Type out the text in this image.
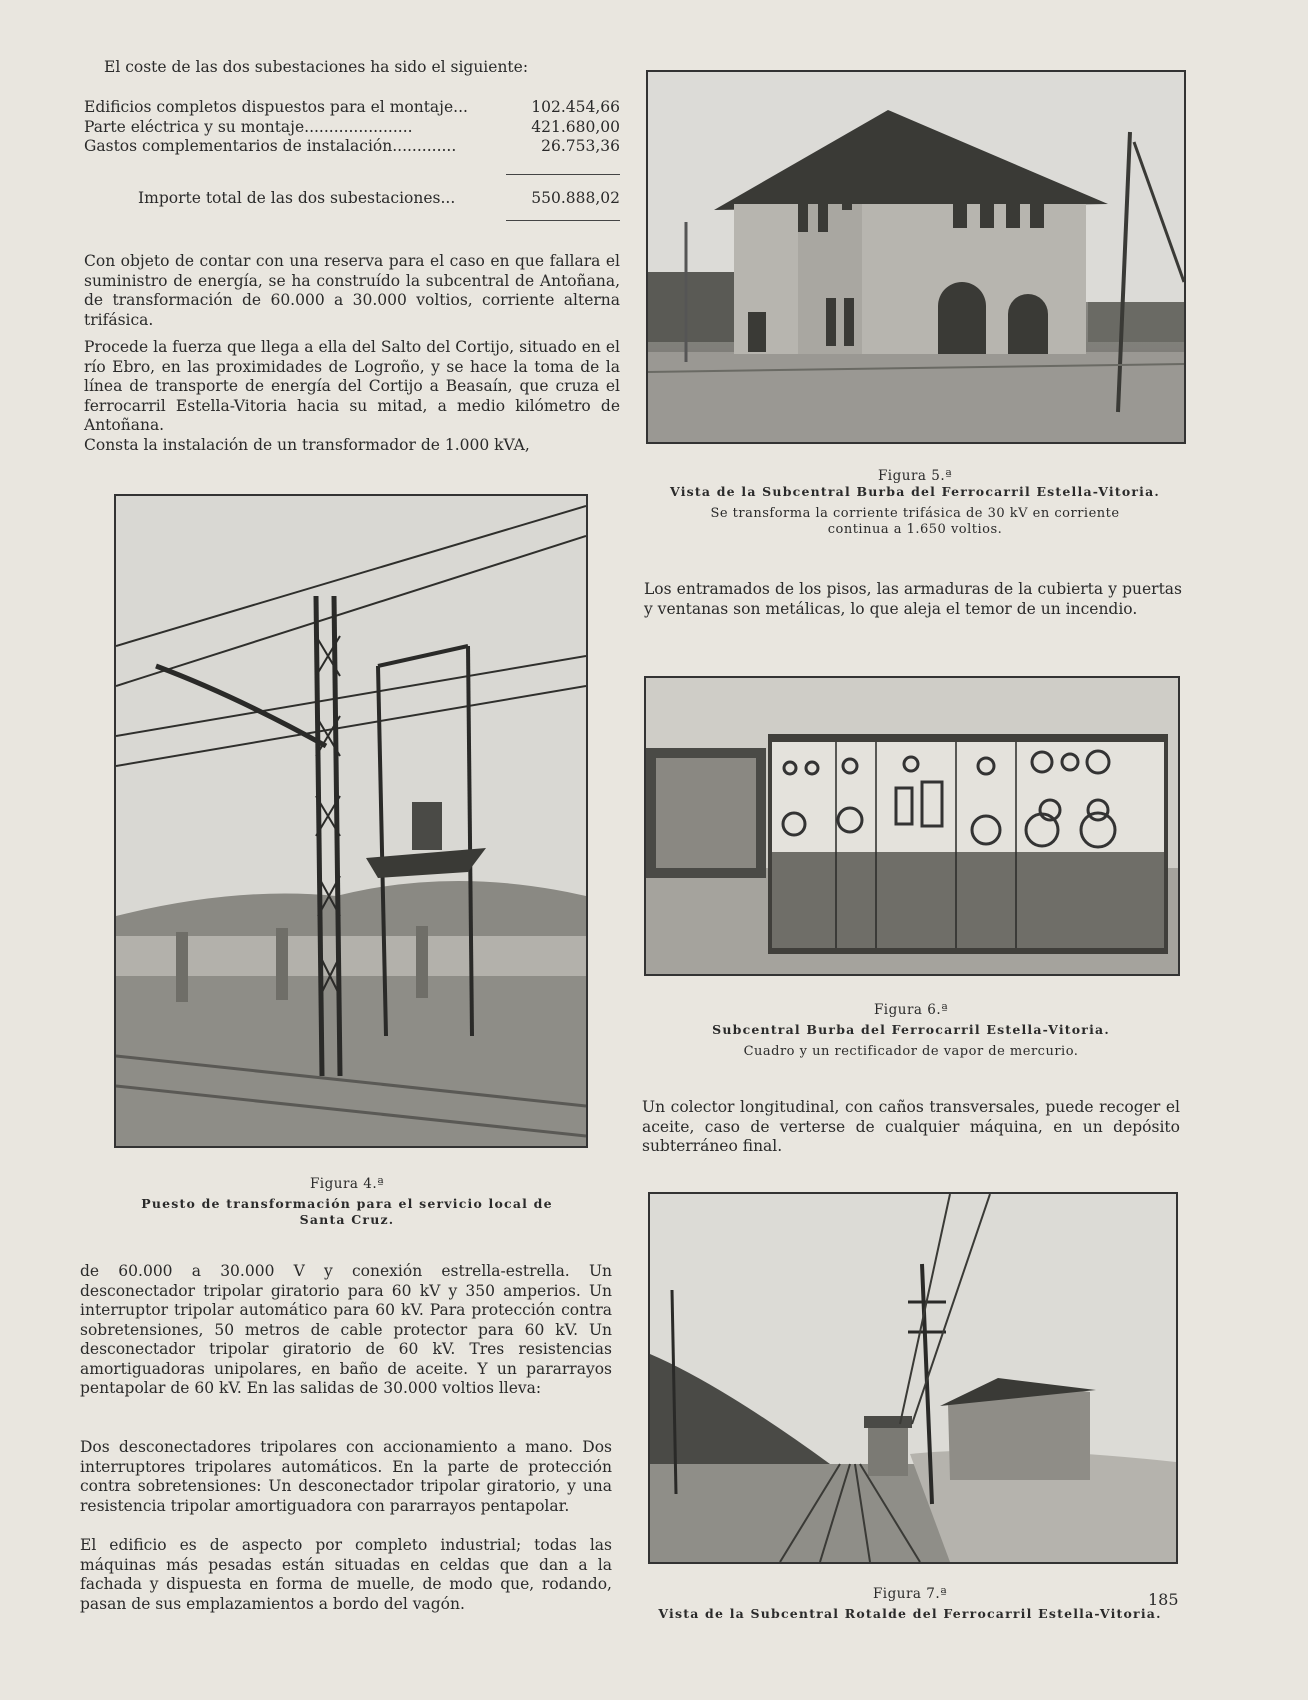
El coste de las dos subestaciones ha sido el siguiente:
Edificios completos dispuestos para el montaje...	102.454,66
Parte eléctrica y su montaje......................	421.680,00
Gastos complementarios de instalación.............	26.753,36
Importe total de las dos subestaciones...	550.888,02
Con objeto de contar con una reserva para el caso en que fallara el suministro de energía, se ha construído la subcentral de Antoñana, de transformación de 60.000 a 30.000 voltios, corriente alterna trifásica.
Procede la fuerza que llega a ella del Salto del Cortijo, situado en el río Ebro, en las proximidades de Logroño, y se hace la toma de la línea de transporte de energía del Cortijo a Beasaín, que cruza el ferrocarril Estella-Vitoria hacia su mitad, a medio kilómetro de Antoñana.
Consta la instalación de un transformador de 1.000 kVA,
Figura 5.ª
Vista de la Subcentral Burba del Ferrocarril Estella-Vitoria.
Se transforma la corriente trifásica de 30 kV en corriente continua a 1.650 voltios.
Los entramados de los pisos, las armaduras de la cubierta y puertas y ventanas son metálicas, lo que aleja el temor de un incendio.
Figura 6.ª
Subcentral Burba del Ferrocarril Estella-Vitoria.
Cuadro y un rectificador de vapor de mercurio.
Un colector longitudinal, con caños transversales, puede recoger el aceite, caso de verterse de cualquier máquina, en un depósito subterráneo final.
Figura 4.ª
Puesto de transformación para el servicio local de Santa Cruz.
de 60.000 a 30.000 V y conexión estrella-estrella. Un desconectador tripolar giratorio para 60 kV y 350 amperios. Un interruptor tripolar automático para 60 kV. Para protección contra sobretensiones, 50 metros de cable protector para 60 kV. Un desconectador tripolar giratorio de 60 kV. Tres resistencias amortiguadoras unipolares, en baño de aceite. Y un pararrayos pentapolar de 60 kV. En las salidas de 30.000 voltios lleva:
Dos desconectadores tripolares con accionamiento a mano. Dos interruptores tripolares automáticos. En la parte de protección contra sobretensiones: Un desconectador tripolar giratorio, y una resistencia tripolar amortiguadora con pararrayos pentapolar.
El edificio es de aspecto por completo industrial; todas las máquinas más pesadas están situadas en celdas que dan a la fachada y dispuesta en forma de muelle, de modo que, rodando, pasan de sus emplazamientos a bordo del vagón.
Figura 7.ª
Vista de la Subcentral Rotalde del Ferrocarril Estella-Vitoria.
185
